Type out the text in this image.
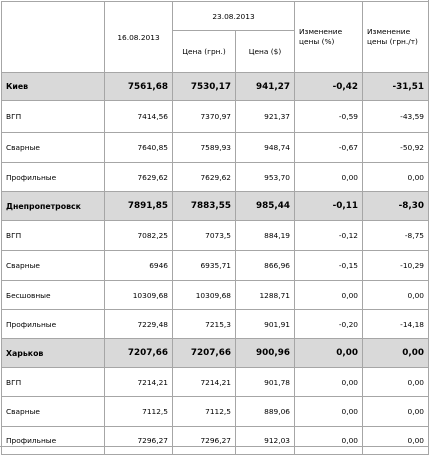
	16.08.2013	23.08.2013		Изменение цены (%)	Изменение цены (грн./т)
		Цена (грн.)	Цена ($)		
Киев	7561,68	7530,17	941,27	-0,42	-31,51
ВГП	7414,56	7370,97	921,37	-0,59	-43,59
Сварные	7640,85	7589,93	948,74	-0,67	-50,92
Профильные	7629,62	7629,62	953,70	0,00	0,00
Днепропетровск	7891,85	7883,55	985,44	-0,11	-8,30
ВГП	7082,25	7073,5	884,19	-0,12	-8,75
Сварные	6946	6935,71	866,96	-0,15	-10,29
Бесшовные	10309,68	10309,68	1288,71	0,00	0,00
Профильные	7229,48	7215,3	901,91	-0,20	-14,18
Харьков	7207,66	7207,66	900,96	0,00	0,00
ВГП	7214,21	7214,21	901,78	0,00	0,00
Сварные	7112,5	7112,5	889,06	0,00	0,00
Профильные	7296,27	7296,27	912,03	0,00	0,00
